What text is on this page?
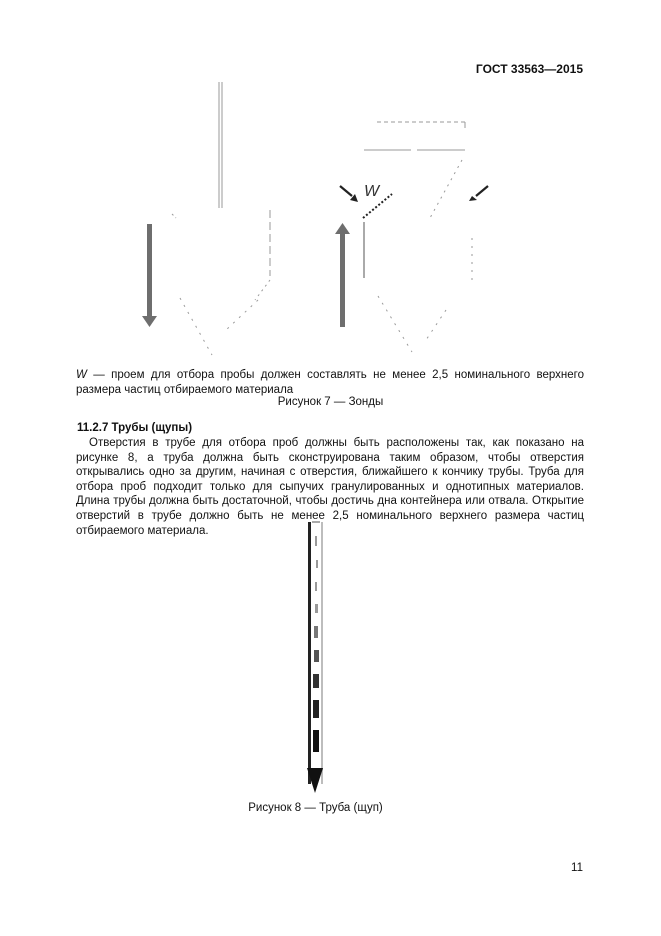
ГОСТ 33563—2015
W
W — проем для отбора пробы должен составлять не менее 2,5 номинального верхнего размера частиц отбираемого материала
Рисунок 7 — Зонды
11.2.7 Трубы (щупы)
Отверстия в трубе для отбора проб должны быть расположены так, как показано на рисунке 8, а труба должна быть сконструирована таким образом, чтобы отверстия открывались одно за другим, начиная с отверстия, ближайшего к кончику трубы. Труба для отбора проб подходит только для сыпучих гранулированных и однотипных материалов. Длина трубы должна быть достаточной, чтобы достичь дна контейнера или отвала. Открытие отверстий в трубе должно быть не менее 2,5 номинального верхнего размера частиц отбираемого материала.
Рисунок 8 — Труба (щуп)
11
